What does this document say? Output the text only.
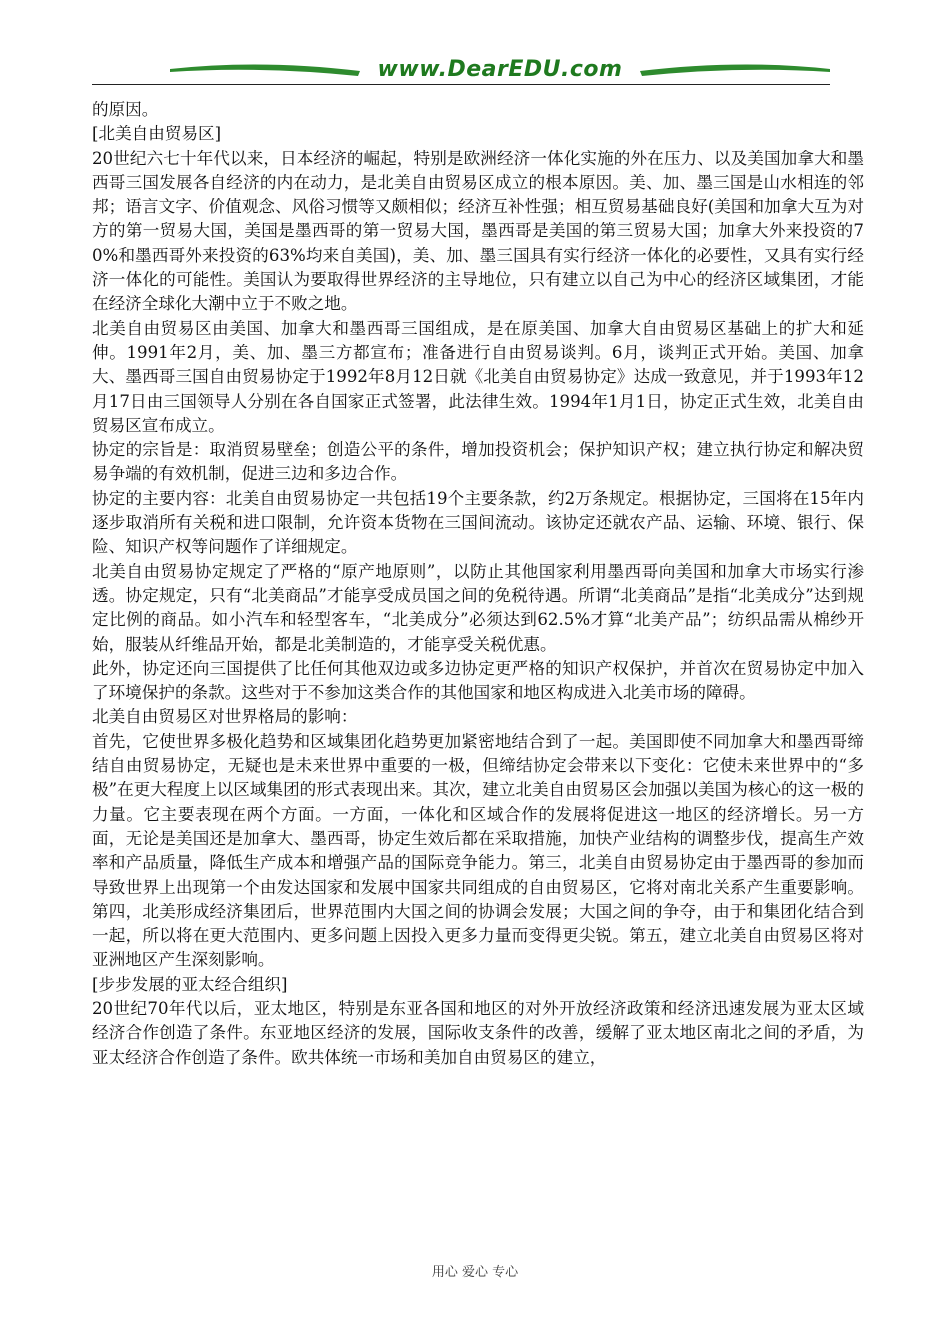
www.DearEDU.com

的原因。

[北美自由贸易区]

20世纪六七十年代以来，日本经济的崛起，特别是欧洲经济一体化实施的外在压力、以及美国加拿大和墨西哥三国发展各自经济的内在动力，是北美自由贸易区成立的根本原因。美、加、墨三国是山水相连的邻邦；语言文字、价值观念、风俗习惯等又颇相似；经济互补性强；相互贸易基础良好(美国和加拿大互为对方的第一贸易大国，美国是墨西哥的第一贸易大国，墨西哥是美国的第三贸易大国；加拿大外来投资的70%和墨西哥外来投资的63%均来自美国)，美、加、墨三国具有实行经济一体化的必要性，又具有实行经济一体化的可能性。美国认为要取得世界经济的主导地位，只有建立以自己为中心的经济区域集团，才能在经济全球化大潮中立于不败之地。

北美自由贸易区由美国、加拿大和墨西哥三国组成，是在原美国、加拿大自由贸易区基础上的扩大和延伸。1991年2月，美、加、墨三方都宣布；准备进行自由贸易谈判。6月，谈判正式开始。美国、加拿大、墨西哥三国自由贸易协定于1992年8月12日就《北美自由贸易协定》达成一致意见，并于1993年12月17日由三国领导人分别在各自国家正式签署，此法律生效。1994年1月1日，协定正式生效，北美自由贸易区宣布成立。

协定的宗旨是：取消贸易壁垒；创造公平的条件，增加投资机会；保护知识产权；建立执行协定和解决贸易争端的有效机制，促进三边和多边合作。

协定的主要内容：北美自由贸易协定一共包括19个主要条款，约2万条规定。根据协定，三国将在15年内逐步取消所有关税和进口限制，允许资本货物在三国间流动。该协定还就农产品、运输、环境、银行、保险、知识产权等问题作了详细规定。

北美自由贸易协定规定了严格的“原产地原则”，以防止其他国家利用墨西哥向美国和加拿大市场实行渗透。协定规定，只有“北美商品”才能享受成员国之间的免税待遇。所谓“北美商品”是指“北美成分”达到规定比例的商品。如小汽车和轻型客车，“北美成分”必须达到62.5%才算“北美产品”；纺织品需从棉纱开始，服装从纤维品开始，都是北美制造的，才能享受关税优惠。

此外，协定还向三国提供了比任何其他双边或多边协定更严格的知识产权保护，并首次在贸易协定中加入了环境保护的条款。这些对于不参加这类合作的其他国家和地区构成进入北美市场的障碍。

北美自由贸易区对世界格局的影响：

首先，它使世界多极化趋势和区域集团化趋势更加紧密地结合到了一起。美国即使不同加拿大和墨西哥缔结自由贸易协定，无疑也是未来世界中重要的一极，但缔结协定会带来以下变化：它使未来世界中的“多极”在更大程度上以区域集团的形式表现出来。其次，建立北美自由贸易区会加强以美国为核心的这一极的力量。它主要表现在两个方面。一方面，一体化和区域合作的发展将促进这一地区的经济增长。另一方面，无论是美国还是加拿大、墨西哥，协定生效后都在采取措施，加快产业结构的调整步伐，提高生产效率和产品质量，降低生产成本和增强产品的国际竞争能力。第三，北美自由贸易协定由于墨西哥的参加而导致世界上出现第一个由发达国家和发展中国家共同组成的自由贸易区，它将对南北关系产生重要影响。第四，北美形成经济集团后，世界范围内大国之间的协调会发展；大国之间的争夺，由于和集团化结合到一起，所以将在更大范围内、更多问题上因投入更多力量而变得更尖锐。第五，建立北美自由贸易区将对亚洲地区产生深刻影响。

[步步发展的亚太经合组织]

20世纪70年代以后，亚太地区，特别是东亚各国和地区的对外开放经济政策和经济迅速发展为亚太区域经济合作创造了条件。东亚地区经济的发展，国际收支条件的改善，缓解了亚太地区南北之间的矛盾，为亚太经济合作创造了条件。欧共体统一市场和美加自由贸易区的建立，

用心 爱心 专心
